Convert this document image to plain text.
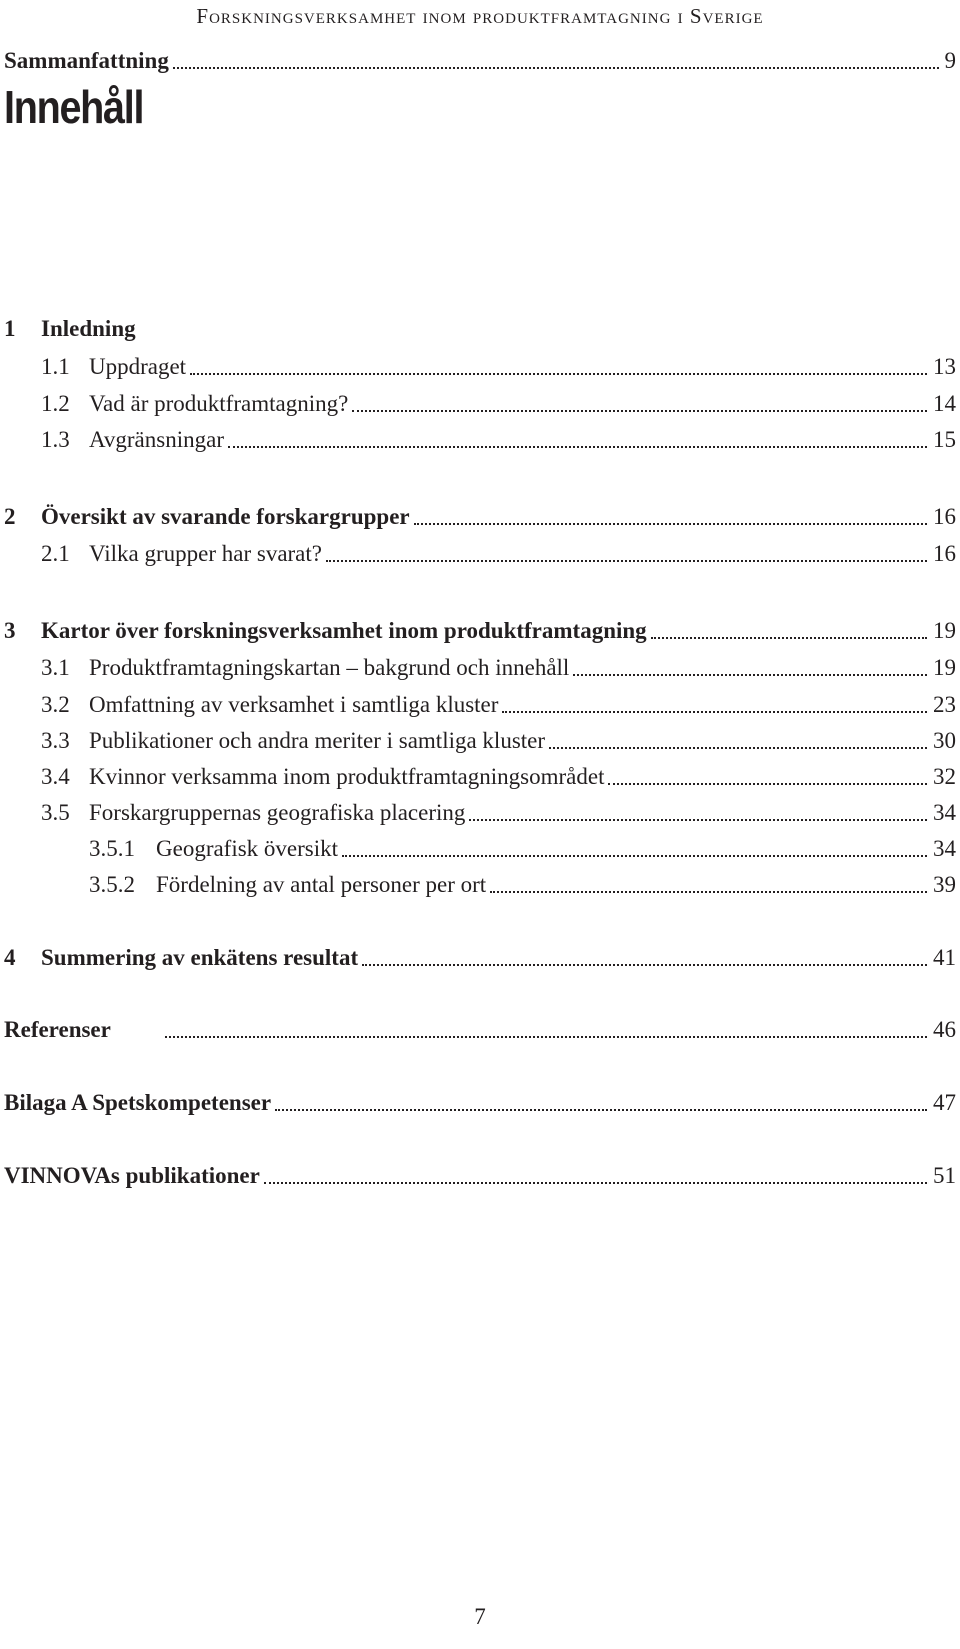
Forskningsverksamhet inom produktframtagning i Sverige
Innehåll
Sammanfattning	9
1	Inledning
1.1 Uppdraget	13
1.2 Vad är produktframtagning?	14
1.3 Avgränsningar	15
2	Översikt av svarande forskargrupper	16
2.1 Vilka grupper har svarat?	16
3	Kartor över forskningsverksamhet inom produktframtagning	19
3.1 Produktframtagningskartan – bakgrund och innehåll	19
3.2 Omfattning av verksamhet i samtliga kluster	23
3.3 Publikationer och andra meriter i samtliga kluster	30
3.4 Kvinnor verksamma inom produktframtagningsområdet	32
3.5 Forskargruppernas geografiska placering	34
3.5.1 Geografisk översikt	34
3.5.2 Fördelning av antal personer per ort	39
4	Summering av enkätens resultat	41
Referenser	46
Bilaga A Spetskompetenser	47
VINNOVAs publikationer	51
7
